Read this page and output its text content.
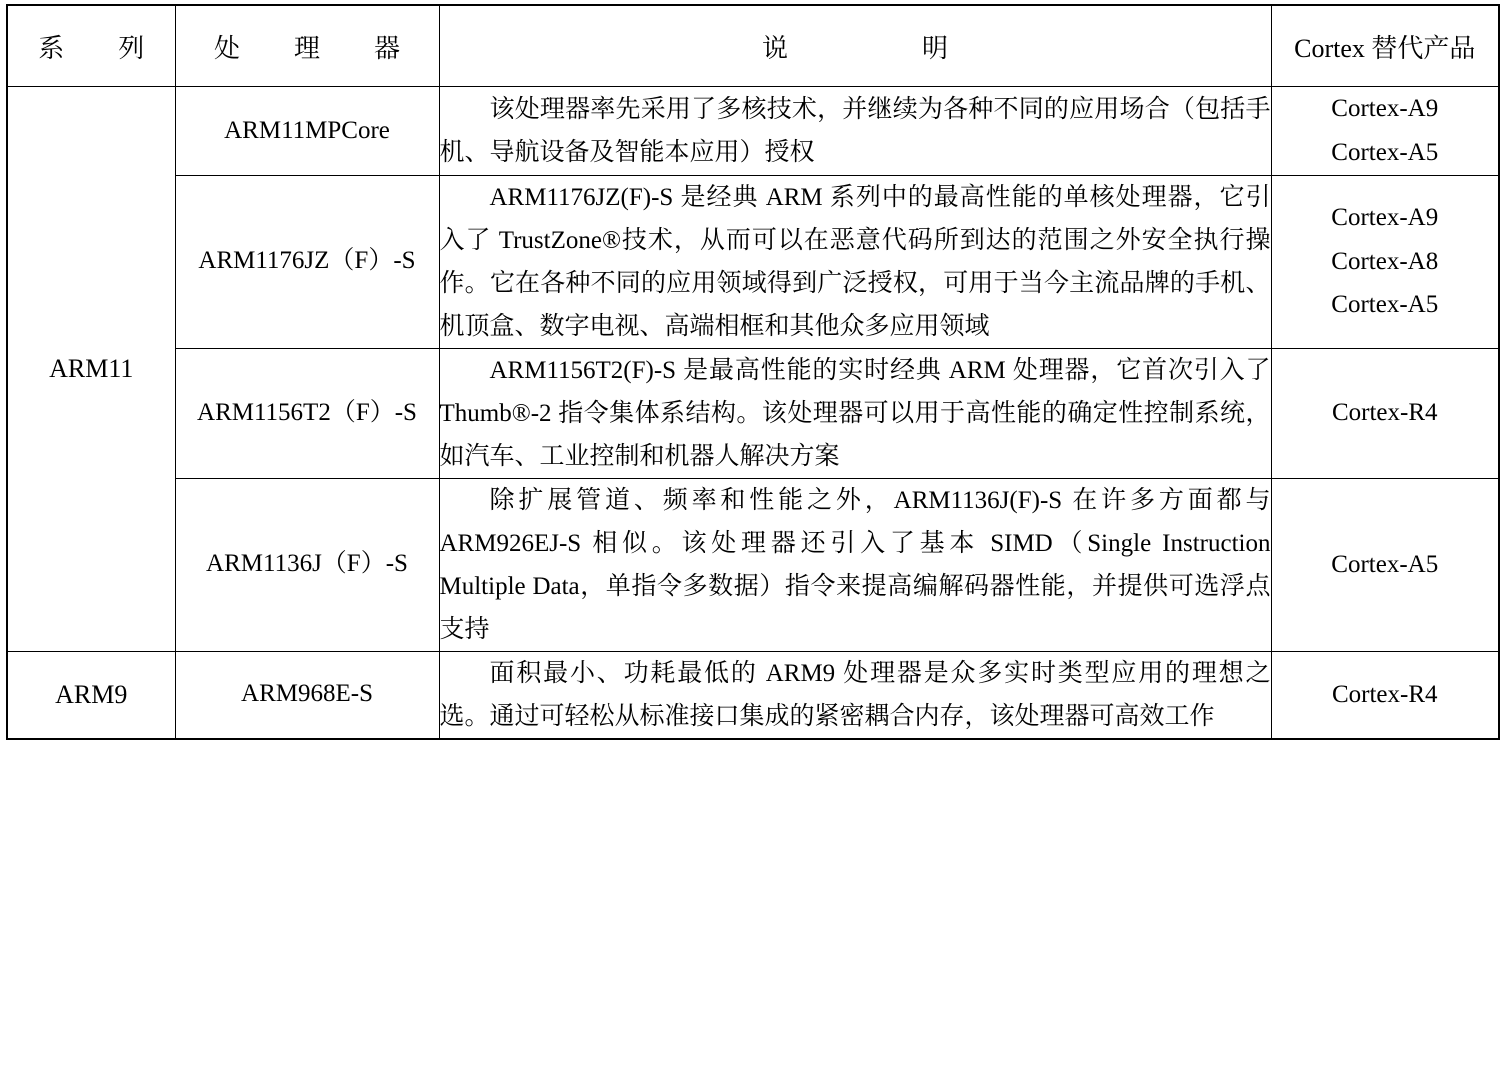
系　列	处　理　器	说　　　明	Cortex 替代产品
ARM11	ARM11MPCore	该处理器率先采用了多核技术，并继续为各种不同的应用场合（包括手机、导航设备及智能本应用）授权	Cortex-A9
Cortex-A5

	ARM1176JZ（F）-S	ARM1176JZ(F)-S 是经典 ARM 系列中的最高性能的单核处理器，它引入了 TrustZone®技术，从而可以在恶意代码所到达的范围之外安全执行操作。它在各种不同的应用领域得到广泛授权，可用于当今主流品牌的手机、机顶盒、数字电视、高端相框和其他众多应用领域	Cortex-A9
Cortex-A8
Cortex-A5

	ARM1156T2（F）-S	ARM1156T2(F)-S 是最高性能的实时经典 ARM 处理器，它首次引入了 Thumb®-2 指令集体系结构。该处理器可以用于高性能的确定性控制系统，如汽车、工业控制和机器人解决方案	Cortex-R4

	ARM1136J（F）-S	除扩展管道、频率和性能之外，ARM1136J(F)-S 在许多方面都与 ARM926EJ-S 相似。该处理器还引入了基本 SIMD（Single Instruction Multiple Data，单指令多数据）指令来提高编解码器性能，并提供可选浮点支持	Cortex-A5

ARM9	ARM968E-S	面积最小、功耗最低的 ARM9 处理器是众多实时类型应用的理想之选。通过可轻松从标准接口集成的紧密耦合内存，该处理器可高效工作	Cortex-R4
